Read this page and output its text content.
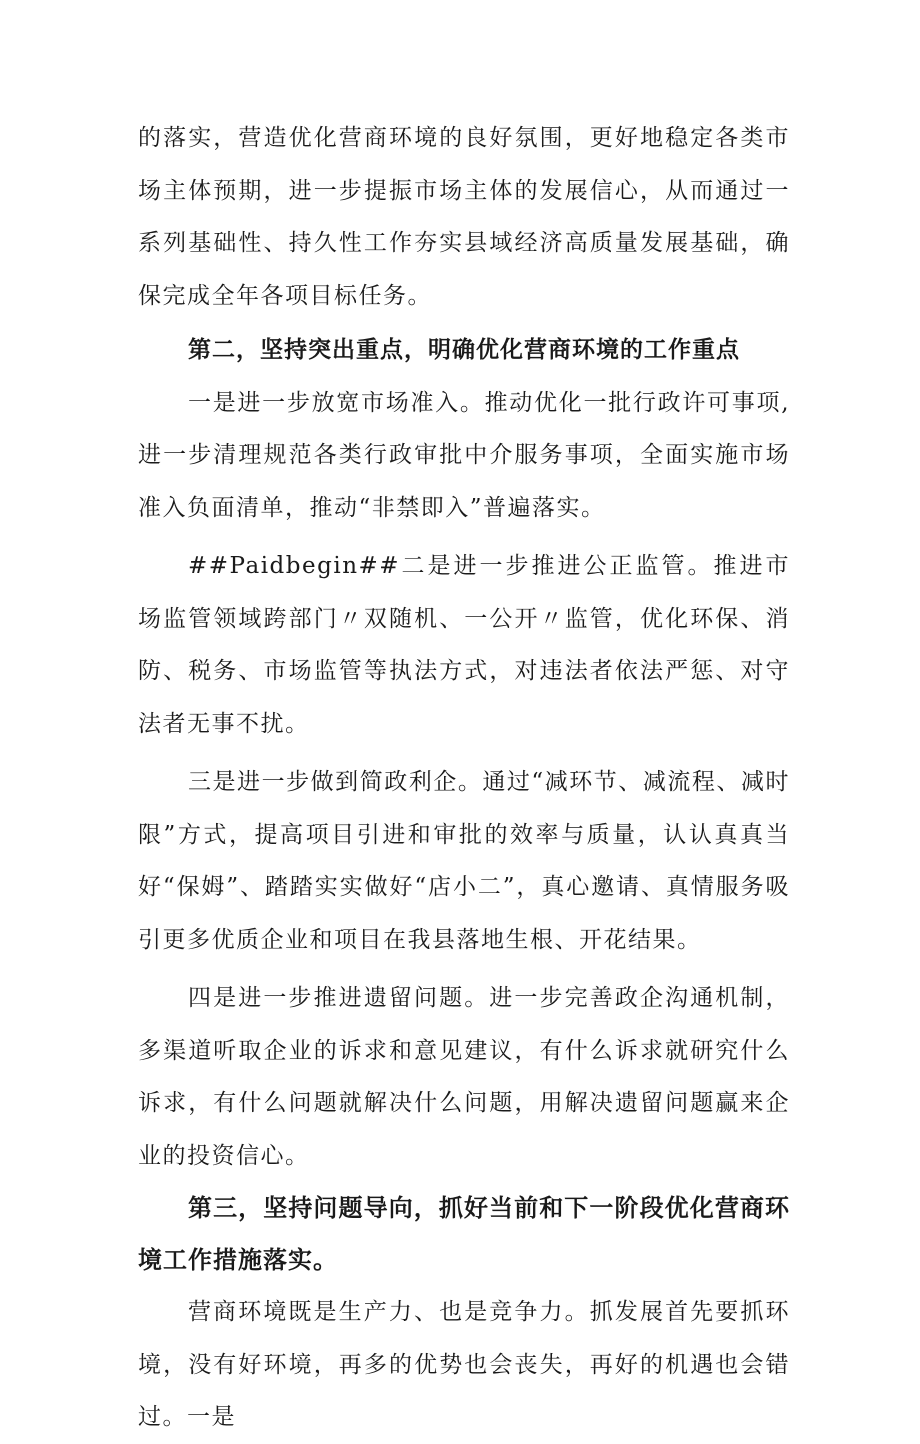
的落实，营造优化营商环境的良好氛围，更好地稳定各类市场主体预期，进一步提振市场主体的发展信心，从而通过一系列基础性、持久性工作夯实县域经济高质量发展基础，确保完成全年各项目标任务。

第二，坚持突出重点，明确优化营商环境的工作重点

一是进一步放宽市场准入。推动优化一批行政许可事项,进一步清理规范各类行政审批中介服务事项，全面实施市场准入负面清单，推动“非禁即入”普遍落实。

##Paidbegin##二是进一步推进公正监管。推进市场监管领域跨部门〃双随机、一公开〃监管，优化环保、消防、税务、市场监管等执法方式，对违法者依法严惩、对守法者无事不扰。

三是进一步做到简政利企。通过“减环节、减流程、减时限”方式，提高项目引进和审批的效率与质量，认认真真当好“保姆”、踏踏实实做好“店小二”，真心邀请、真情服务吸引更多优质企业和项目在我县落地生根、开花结果。

四是进一步推进遗留问题。进一步完善政企沟通机制，多渠道听取企业的诉求和意见建议，有什么诉求就研究什么诉求，有什么问题就解决什么问题，用解决遗留问题赢来企业的投资信心。

第三，坚持问题导向，抓好当前和下一阶段优化营商环境工作措施落实。

营商环境既是生产力、也是竞争力。抓发展首先要抓环境，没有好环境，再多的优势也会丧失，再好的机遇也会错过。一是
